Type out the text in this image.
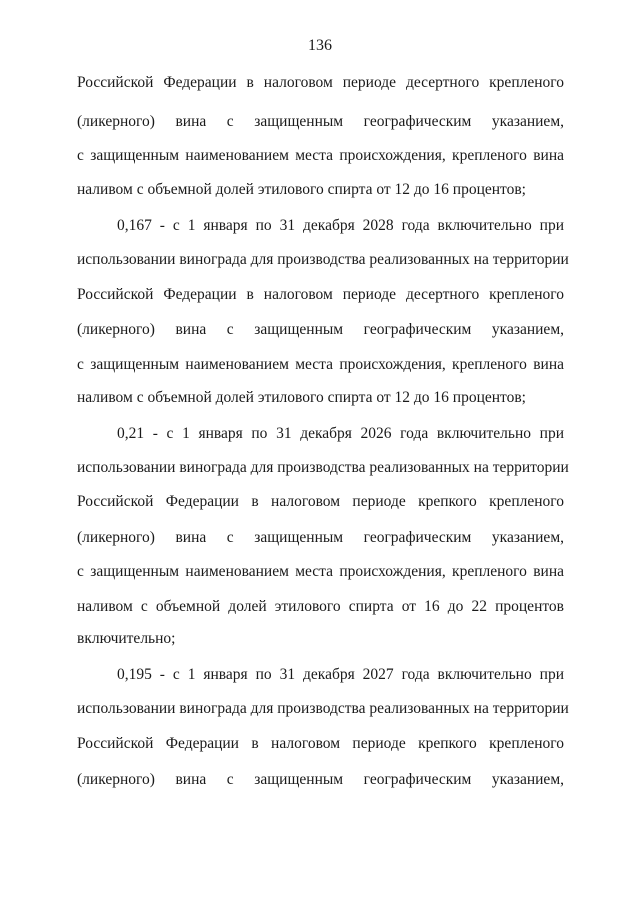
136
Российской Федерации в налоговом периоде десертного крепленого
(ликерного) вина с защищенным географическим указанием,
с защищенным наименованием места происхождения, крепленого вина
наливом с объемной долей этилового спирта от 12 до 16 процентов;
0,167 - с 1 января по 31 декабря 2028 года включительно при
использовании винограда для производства реализованных на территории
Российской Федерации в налоговом периоде десертного крепленого
(ликерного) вина с защищенным географическим указанием,
с защищенным наименованием места происхождения, крепленого вина
наливом с объемной долей этилового спирта от 12 до 16 процентов;
0,21 - с 1 января по 31 декабря 2026 года включительно при
использовании винограда для производства реализованных на территории
Российской Федерации в налоговом периоде крепкого крепленого
(ликерного) вина с защищенным географическим указанием,
с защищенным наименованием места происхождения, крепленого вина
наливом с объемной долей этилового спирта от 16 до 22 процентов
включительно;
0,195 - с 1 января по 31 декабря 2027 года включительно при
использовании винограда для производства реализованных на территории
Российской Федерации в налоговом периоде крепкого крепленого
(ликерного) вина с защищенным географическим указанием,
